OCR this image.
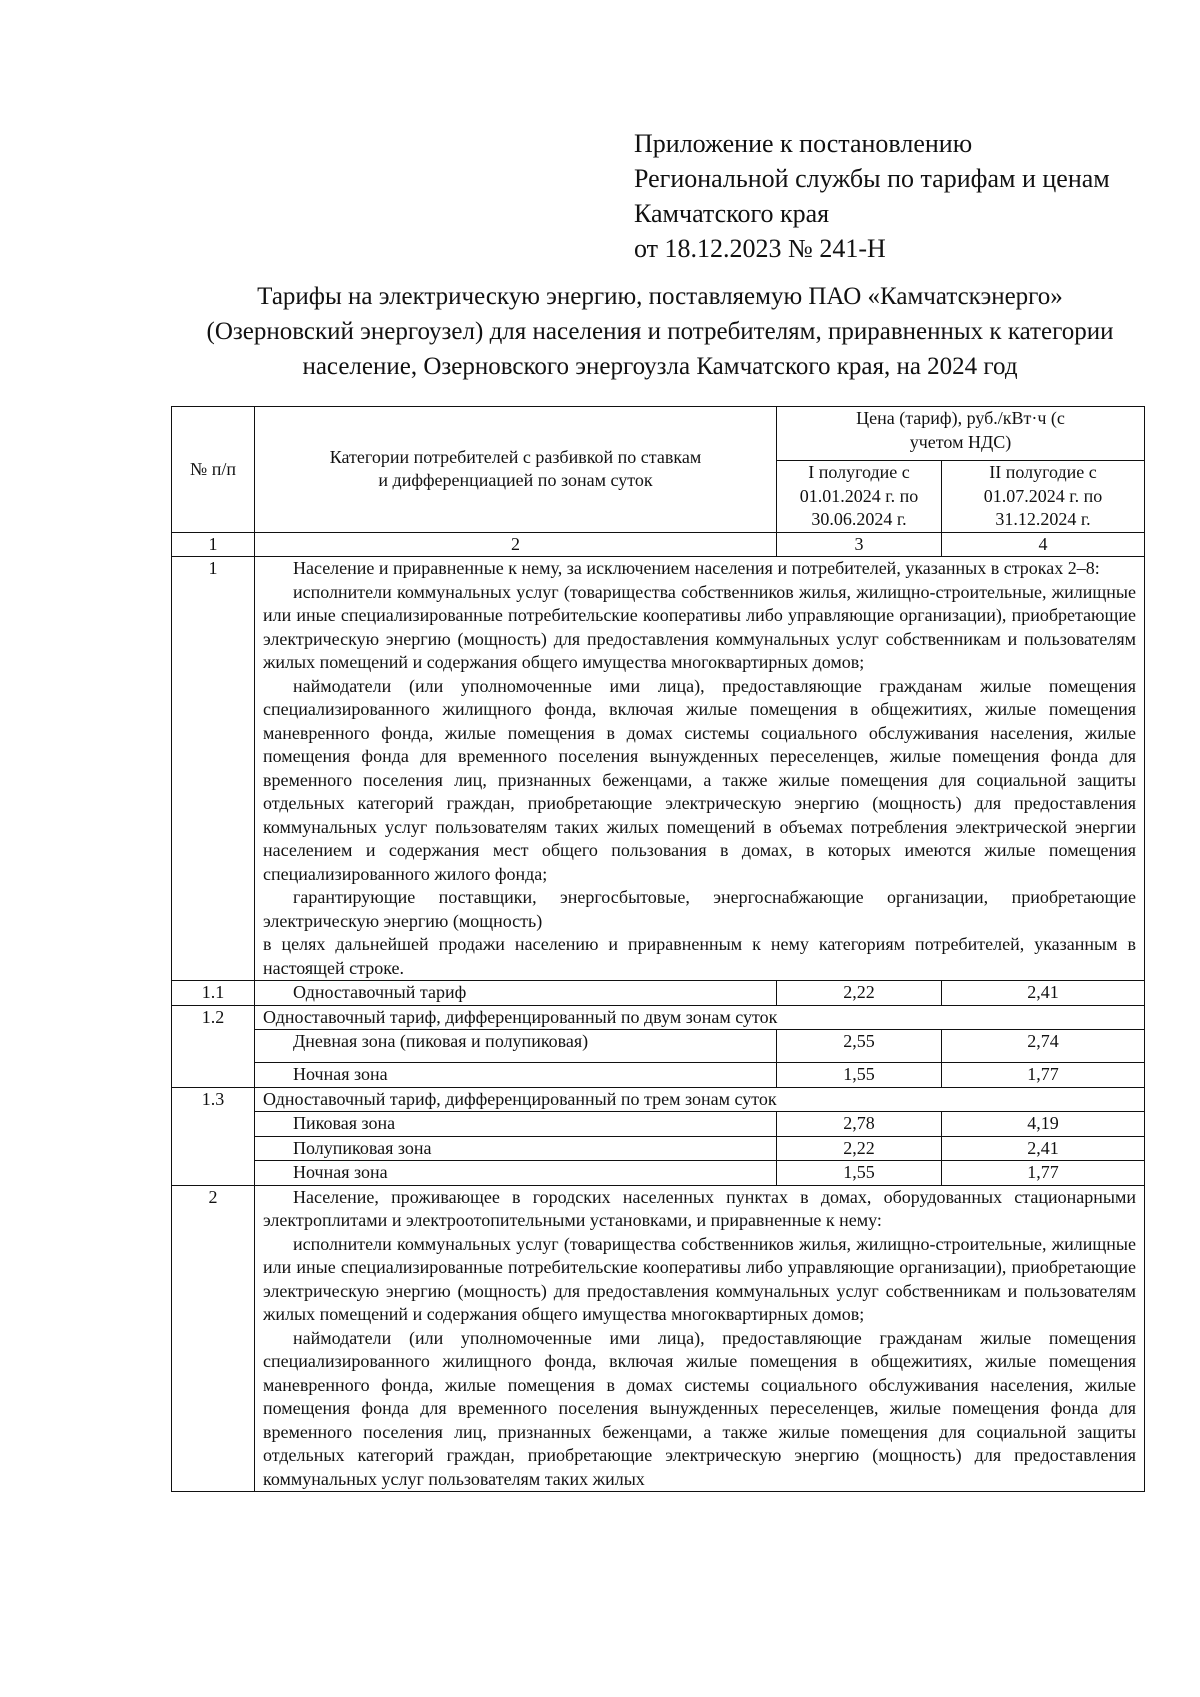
Приложение к постановлению
Региональной службы по тарифам и ценам
Камчатского края
от 18.12.2023 № 241-Н
Тарифы на электрическую энергию, поставляемую ПАО «Камчатскэнерго»
(Озерновский энергоузел) для населения и потребителям, приравненных к категории
население, Озерновского энергоузла Камчатского края, на 2024 год
№ п/п	Категории потребителей с разбивкой по ставкам и дифференциацией по зонам суток	Цена (тариф), руб./кВт·ч (с учетом НДС)	
		I полугодие с 01.01.2024 г. по 30.06.2024 г.	II полугодие с 01.07.2024 г. по 31.12.2024 г.
1	2	3	4
1	Население и приравненные к нему, за исключением населения и потребителей, указанных в строках 2–8:

исполнители коммунальных услуг (товарищества собственников жилья, жилищно-строительные, жилищные или иные специализированные потребительские кооперативы либо управляющие организации), приобретающие электрическую энергию (мощность) для предоставления коммунальных услуг собственникам и пользователям жилых помещений и содержания общего имущества многоквартирных домов;

наймодатели (или уполномоченные ими лица), предоставляющие гражданам жилые помещения специализированного жилищного фонда, включая жилые помещения в общежитиях, жилые помещения маневренного фонда, жилые помещения в домах системы социального обслуживания населения, жилые помещения фонда для временного поселения вынужденных переселенцев, жилые помещения фонда для временного поселения лиц, признанных беженцами, а также жилые помещения для социальной защиты отдельных категорий граждан, приобретающие электрическую энергию (мощность) для предоставления коммунальных услуг пользователям таких жилых помещений в объемах потребления электрической энергии населением и содержания мест общего пользования в домах, в которых имеются жилые помещения специализированного жилого фонда;

гарантирующие поставщики, энергосбытовые, энергоснабжающие организации, приобретающие электрическую энергию (мощность)

в целях дальнейшей продажи населению и приравненным к нему категориям потребителей, указанным в настоящей строке.		

1.1	Одноставочный тариф	2,22	2,41
1.2	Одноставочный тариф, дифференцированный по двум зонам суток		
	Дневная зона (пиковая и полупиковая)	2,55	2,74
	Ночная зона	1,55	1,77
1.3	Одноставочный тариф, дифференцированный по трем зонам суток		
	Пиковая зона	2,78	4,19
	Полупиковая зона	2,22	2,41
	Ночная зона	1,55	1,77
2	Население, проживающее в городских населенных пунктах в домах, оборудованных стационарными электроплитами и электроотопительными установками, и приравненные к нему:

исполнители коммунальных услуг (товарищества собственников жилья, жилищно-строительные, жилищные или иные специализированные потребительские кооперативы либо управляющие организации), приобретающие электрическую энергию (мощность) для предоставления коммунальных услуг собственникам и пользователям жилых помещений и содержания общего имущества многоквартирных домов;

наймодатели (или уполномоченные ими лица), предоставляющие гражданам жилые помещения специализированного жилищного фонда, включая жилые помещения в общежитиях, жилые помещения маневренного фонда, жилые помещения в домах системы социального обслуживания населения, жилые помещения фонда для временного поселения вынужденных переселенцев, жилые помещения фонда для временного поселения лиц, признанных беженцами, а также жилые помещения для социальной защиты отдельных категорий граждан, приобретающие электрическую энергию (мощность) для предоставления коммунальных услуг пользователям таких жилых		
